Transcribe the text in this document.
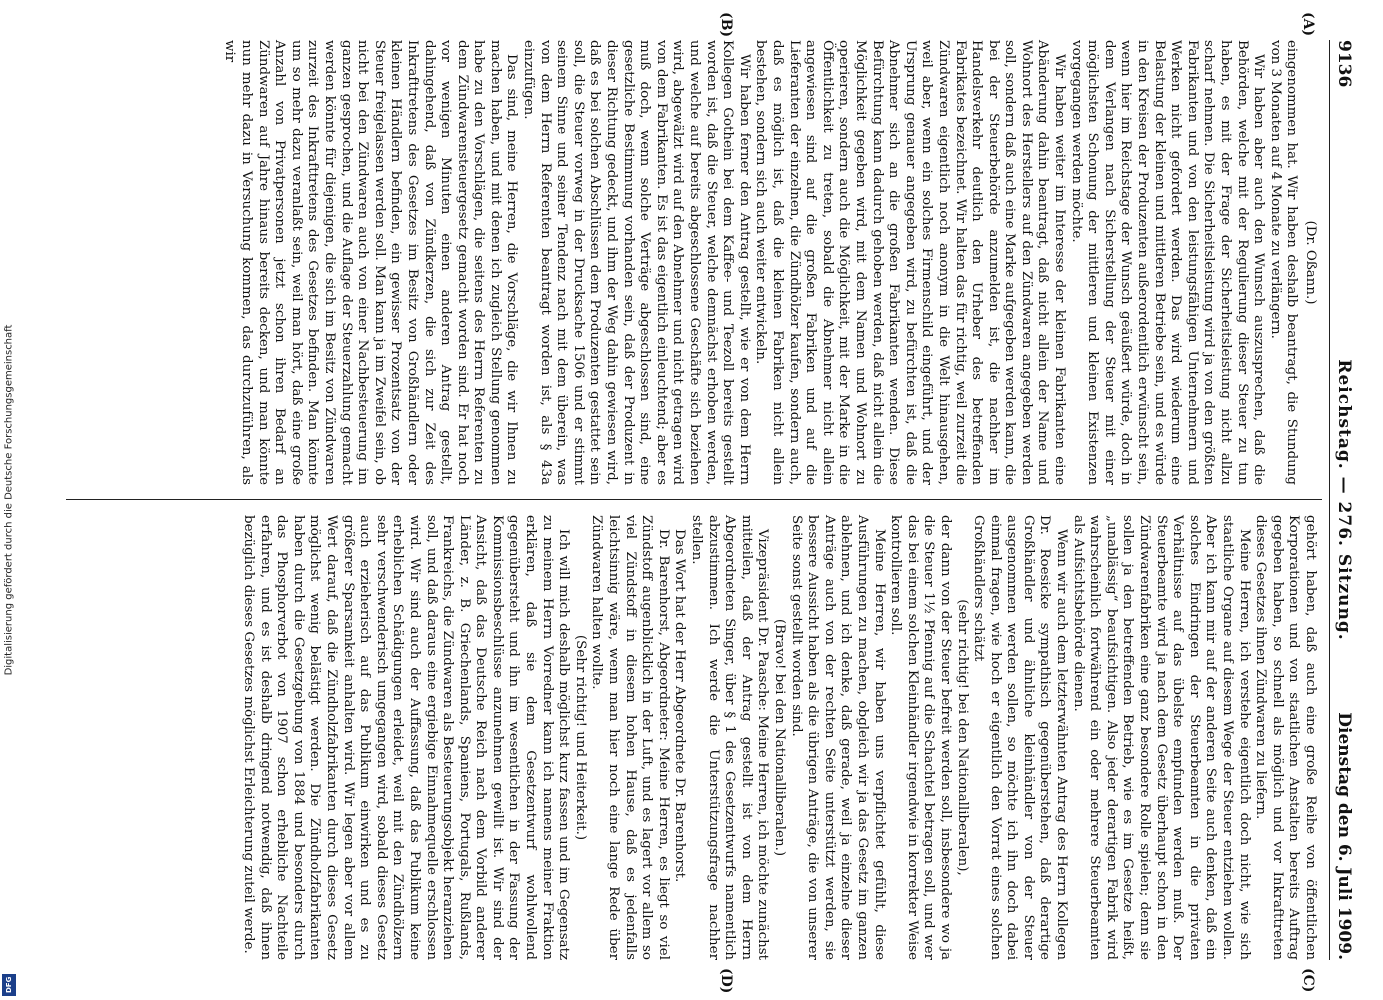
Digitalisierung gefördert durch die Deutsche Forschungsgemeinschaft
DFG
9136
Reichstag. — 276. Sitzung.
Dienstag den 6. Juli 1909.
(A)
(B)
(C)
(D)

(Dr. Oßann.)

eingenommen hat. Wir haben deshalb beantragt, die Stundung von 3 Monaten auf 4 Monate zu verlängern.

Wir haben aber auch den Wunsch auszusprechen, daß die Behörden, welche mit der Regulierung dieser Steuer zu tun haben, es mit der Frage der Sicherheitsleistung nicht allzu scharf nehmen. Die Sicherheitsleistung wird ja von den größten Fabrikanten und von den leistungsfähigen Unternehmern und Werken nicht gefordert werden. Das wird wiederum eine Belastung der kleinen und mittleren Betriebe sein, und es würde in den Kreisen der Produzenten außerordentlich erwünscht sein, wenn hier im Reichstage der Wunsch geäußert würde, doch in dem Verlangen nach Sicherstellung der Steuer mit einer möglichsten Schonung der mittleren und kleinen Existenzen vorgegangen werden möchte.

Wir haben weiter im Interesse der kleinen Fabrikanten eine Abänderung dahin beantragt, daß nicht allein der Name und Wohnort des Herstellers auf den Zündwaren angegeben werden soll, sondern daß auch eine Marke aufgegeben werden kann, die bei der Steuerbehörde anzumelden ist, die nachher im Handelsverkehr deutlich den Urheber des betreffenden Fabrikates bezeichnet. Wir halten das für richtig, weil zurzeit die Zündwaren eigentlich noch anonym in die Welt hinausgehen, weil aber, wenn ein solches Firmenschild eingeführt, und der Ursprung genauer angegeben wird, zu befürchten ist, daß die Abnehmer sich an die großen Fabrikanten wenden. Diese Befürchtung kann dadurch gehoben werden, daß nicht allein die Möglichkeit gegeben wird, mit dem Namen und Wohnort zu operieren, sondern auch die Möglichkeit, mit der Marke in die Öffentlichkeit zu treten, sobald die Abnehmer nicht allein angewiesen sind auf die großen Fabriken und auf die Lieferanten der einzelnen, die Zündhölzer kaufen, sondern auch, daß es möglich ist, daß die kleinen Fabriken nicht allein bestehen, sondern sich auch weiter entwickeln.

Wir haben ferner den Antrag gestellt, wie er von dem Herrn Kollegen Gothein bei dem Kaffee- und Teezoll bereits gestellt worden ist, daß die Steuer, welche demnächst erhoben werden, und welche auf bereits abgeschlossene Geschäfte sich beziehen wird, abgewälzt wird auf den Abnehmer und nicht getragen wird von dem Fabrikanten. Es ist das eigentlich einleuchtend; aber es muß doch, wenn solche Verträge abgeschlossen sind, eine gesetzliche Bestimmung vorhanden sein, daß der Produzent in dieser Richtung gedeckt, und ihm der Weg dahin gewiesen wird, daß es bei solchen Abschlüssen dem Produzenten gestattet sein soll, die Steuer vorweg in der Drucksache 1506 und er stimmt seinem Sinne und seiner Tendenz nach mit dem überein, was von dem Herrn Referenten beantragt worden ist, als § 43a einzufügen.

Das sind, meine Herren, die Vorschläge, die wir Ihnen zu machen haben, und mit denen ich zugleich Stellung genommen habe zu den Vorschlägen, die seitens des Herrn Referenten zu dem Zündwarensteuergesetz gemacht worden sind. Er hat noch vor wenigen Minuten einen anderen Antrag gestellt, dahingehend, daß von Zündkerzen, die sich zur Zeit des Inkrafttretens des Gesetzes im Besitz von Großhändlern oder kleinen Händlern befinden, ein gewisser Prozentsatz von der Steuer freigelassen werden soll. Man kann ja im Zweifel sein, ob nicht bei den Zündwaren auch von einer Nachbesteuerung im ganzen gesprochen, und die Auflage der Steuerzahlung gemacht werden könnte für diejenigen, die sich im Besitz von Zündwaren zurzeit des Inkrafttretens des Gesetzes befinden. Man könnte um so mehr dazu veranlaßt sein, weil man hört, daß eine große Anzahl von Privatpersonen jetzt schon ihren Bedarf an Zündwaren auf Jahre hinaus bereits decken, und man könnte nun mehr dazu in Versuchung kommen, das durchzuführen, als wir

gehört haben, daß auch eine große Reihe von öffentlichen Korporationen und von staatlichen Anstalten bereits Auftrag gegeben haben, so schnell als möglich und vor Inkrafttreten dieses Gesetzes ihnen Zündwaren zu liefern.

Meine Herren, ich verstehe eigentlich doch nicht, wie sich staatliche Organe auf diesem Wege der Steuer entziehen wollen. Aber ich kann mir auf der anderen Seite auch denken, daß ein solches Eindringen der Steuerbeamten in die privaten Verhältnisse auf das übelste empfunden werden muß. Der Steuerbeamte wird ja nach dem Gesetz überhaupt schon in den Zündwarenfabriken eine ganz besondere Rolle spielen; denn sie sollen ja den betreffenden Betrieb, wie es im Gesetze heißt, „unablässig“ beaufsichtigen. Also jeder derartigen Fabrik wird wahrscheinlich fortwährend ein oder mehrere Steuerbeamten als Aufsichtsbehörde dienen.

Wenn wir auch dem letzterwähnten Antrag des Herrn Kollegen Dr. Roesicke sympathisch gegenüberstehen, daß derartige Großhändler und ähnliche kleinhändler von der Steuer ausgenommen werden sollen, so möchte ich ihn doch dabei einmal fragen, wie hoch er eigentlich den Vorrat eines solchen Großhändlers schätzt

(sehr richtig! bei den Nationalliberalen),

der dann von der Steuer befreit werden soll, insbesondere wo ja die Steuer 1½ Pfennig auf die Schachtel betragen soll, und wer das bei einem solchen Kleinhändler irgendwie in korrekter Weise kontrollieren soll.

Meine Herren, wir haben uns verpflichtet gefühlt, diese Ausführungen zu machen, obgleich wir ja das Gesetz im ganzen ablehnen, und ich denke, daß gerade, weil ja einzelne dieser Anträge auch von der rechten Seite unterstützt werden, sie bessere Aussicht haben als die übrigen Anträge, die von unserer Seite sonst gestellt worden sind.

(Bravo! bei den Nationalliberalen.)

Vizepräsident Dr. Paasche: Meine Herren, ich möchte zunächst mitteilen, daß der Antrag gestellt ist von dem Herrn Abgeordneten Singer, über § 1 des Gesetzentwurfs namentlich abzustimmen. Ich werde die Unterstützungsfrage nachher stellen.

Das Wort hat der Herr Abgeordnete Dr. Barenhorst.

Dr. Barenhorst, Abgeordneter: Meine Herren, es liegt so viel Zündstoff augenblicklich in der Luft, und es lagert vor allem so viel Zündstoff in diesem hohen Hause, daß es jedenfalls leichtsinnig wäre, wenn man hier noch eine lange Rede über Zündwaren halten wollte.

(Sehr richtig! und Heiterkeit.)

Ich will mich deshalb möglichst kurz fassen und im Gegensatz zu meinem Herrn Vorredner kann ich namens meiner Fraktion erklären, daß sie dem Gesetzentwurf wohlwollend gegenübersteht und ihn im wesentlichen in der Fassung der Kommissionsbeschlüsse anzunehmen gewillt ist. Wir sind der Ansicht, daß das Deutsche Reich nach dem Vorbild anderer Länder, z. B. Griechenlands, Spaniens, Portugals, Rußlands, Frankreichs, die Zündwaren als Besteuerungsobjekt heranziehen soll, und daß daraus eine ergiebige Einnahmequelle erschlossen wird. Wir sind auch der Auffassung, daß das Publikum keine erheblichen Schädigungen erleidet, weil mit den Zündhölzern sehr verschwenderisch umgegangen wird, sobald dieses Gesetz auch erzieherisch auf das Publikum einwirken und es zu größerer Sparsamkeit anhalten wird. Wir legen aber vor allem Wert darauf, daß die Zündholzfabrikanten durch dieses Gesetz möglichst wenig belästigt werden. Die Zündholzfabrikanten haben durch die Gesetzgebung von 1884 und besonders durch das Phosphorverbot von 1907 schon erhebliche Nachteile erfahren, und es ist deshalb dringend notwendig, daß ihnen bezüglich dieses Gesetzes möglichst Erleichterung zuteil werde.
